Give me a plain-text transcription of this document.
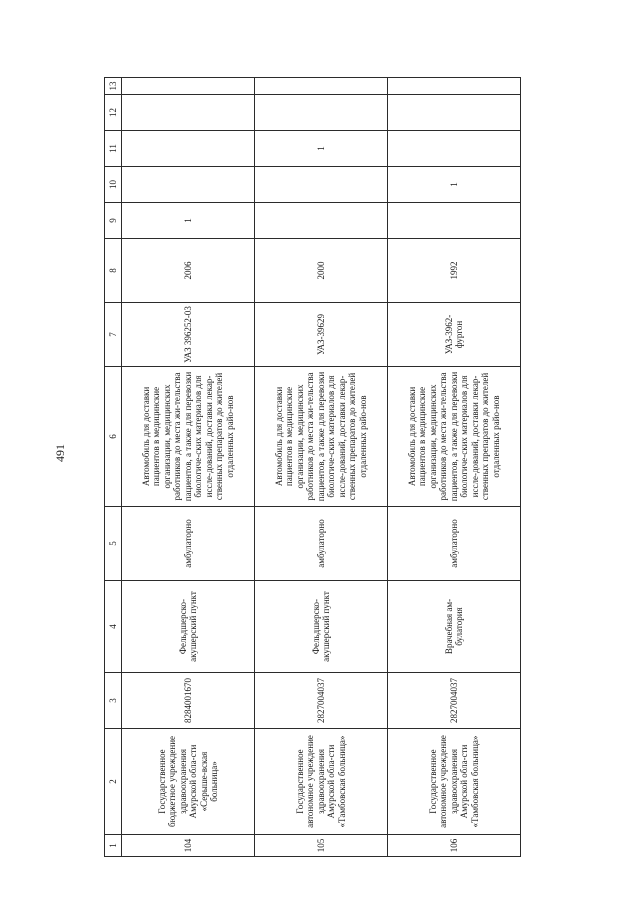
491
1	2	3	4	5	6	7	8	9	10	11	12	13
104	Государственное бюджетное учреждение здравоохранения Амурской обла-сти «Серыше-вская больница»	8284001670	Фельдшерско-акушерский пункт	амбулаторно	Автомобиль для доставки пациентов в медицинские организации, медицинских работников до места жи-тельства пациентов, а также для перевозки биологиче-ских материалов для иссле-дований, доставки лекар-ственных препаратов до жителей отдаленных райо-нов	УАЗ 396252-03	2006	1				
105	Государственное автономное учреждение здравоохранения Амурской обла-сти «Тамбовская больница»	2827004037	Фельдшерско-акушерский пункт	амбулаторно	Автомобиль для доставки пациентов в медицинские организации, медицинских работников до места жи-тельства пациентов, а также для перевозки биологиче-ских материалов для иссле-дований, доставки лекар-ственных препаратов до жителей отдаленных райо-нов	УАЗ-39629	2000			1		
106	Государственное автономное учреждение здравоохранения Амурской обла-сти «Тамбовская больница»	2827004037	Врачебная ам-булатория	амбулаторно	Автомобиль для доставки пациентов в медицинские организации, медицинских работников до места жи-тельства пациентов, а также для перевозки биологиче-ских материалов для иссле-дований, доставки лекар-ственных препаратов до жителей отдаленных райо-нов	УАЗ-3962-фургон	1992		1			
